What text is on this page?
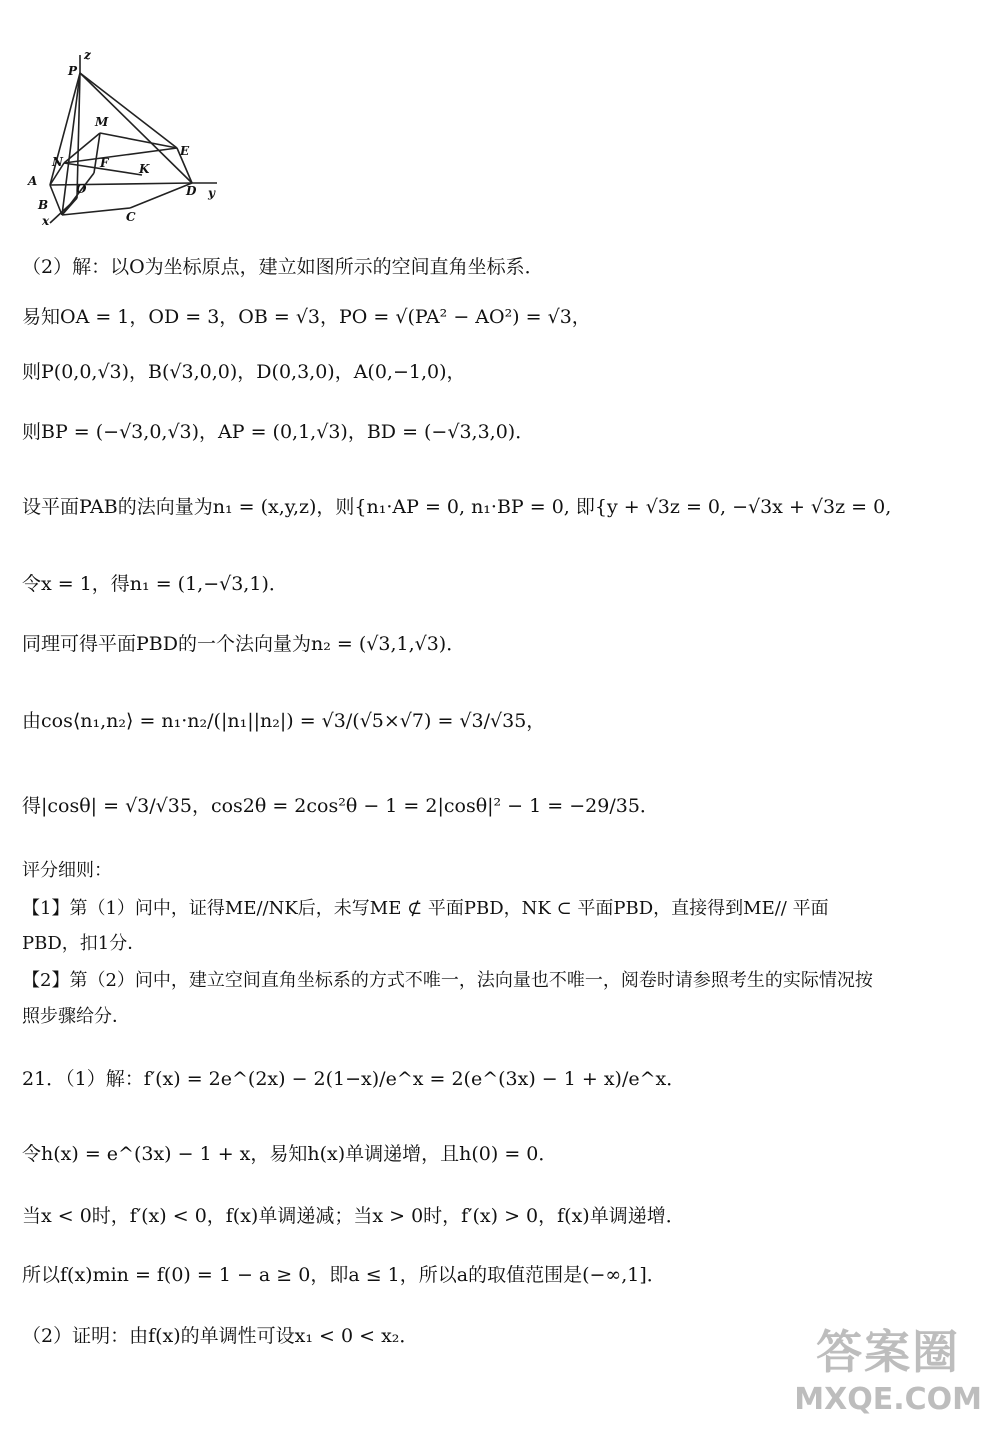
P
z
M
E
N	F	K
A
O	D y
B
C
x
（2）解：以O为坐标原点，建立如图所示的空间直角坐标系．
易知OA = 1，OD = 3，OB = √3，PO = √(PA² − AO²) = √3，
则P(0,0,√3)，B(√3,0,0)，D(0,3,0)，A(0,−1,0)，
则BP = (−√3,0,√3)，AP = (0,1,√3)，BD = (−√3,3,0)．
设平面PAB的法向量为n₁ = (x,y,z)，则{n₁·AP = 0, n₁·BP = 0, 即{y + √3z = 0, −√3x + √3z = 0,
令x = 1，得n₁ = (1,−√3,1)．
同理可得平面PBD的一个法向量为n₂ = (√3,1,√3)．
由cos⟨n₁,n₂⟩ = n₁·n₂/(|n₁||n₂|) = √3/(√5×√7) = √3/√35，
得|cosθ| = √3/√35，cos2θ = 2cos²θ − 1 = 2|cosθ|² − 1 = −29/35．
评分细则：
【1】第（1）问中，证得ME//NK后，未写ME ⊄ 平面PBD，NK ⊂ 平面PBD，直接得到ME// 平面
PBD，扣1分．
【2】第（2）问中，建立空间直角坐标系的方式不唯一，法向量也不唯一，阅卷时请参照考生的实际情况按
照步骤给分．
21．（1）解：f′(x) = 2e^(2x) − 2(1−x)/e^x = 2(e^(3x) − 1 + x)/e^x．
令h(x) = e^(3x) − 1 + x，易知h(x)单调递增，且h(0) = 0．
当x < 0时，f′(x) < 0，f(x)单调递减；当x > 0时，f′(x) > 0，f(x)单调递增．
所以f(x)min = f(0) = 1 − a ≥ 0，即a ≤ 1，所以a的取值范围是(−∞,1]．
（2）证明：由f(x)的单调性可设x₁ < 0 < x₂．	答案圈
MXQE.COM
